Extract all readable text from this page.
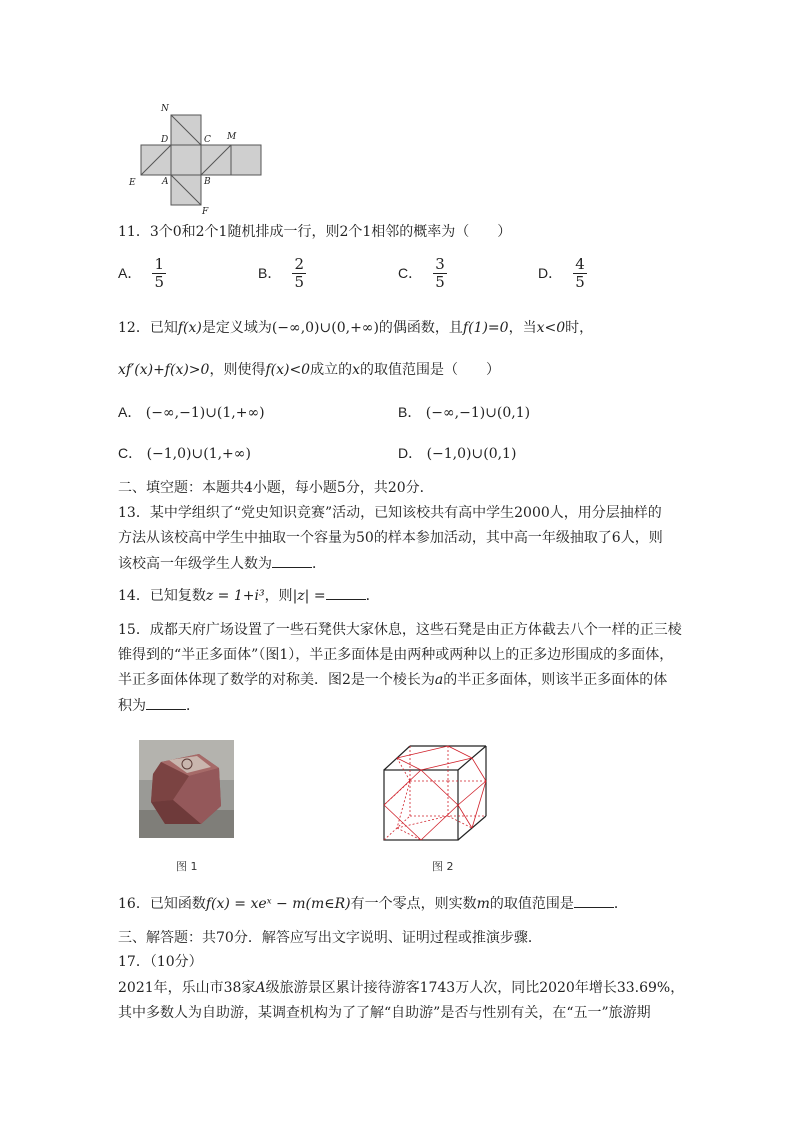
N
D	C M
E	A	B
F
11．3个0和2个1随机排成一行，则2个1相邻的概率为（　　）
A． $\frac{1}{5}$	B． $\frac{2}{5}$	C． $\frac{3}{5}$	D． $\frac{4}{5}$
12．已知f(x)是定义域为(−∞,0)∪(0,+∞)的偶函数，且f(1)=0，当x<0时，
xf′(x)+f(x)>0，则使得f(x)<0成立的x的取值范围是（　　）
A． (−∞,−1)∪(1,+∞)	B． (−∞,−1)∪(0,1)
C． (−1,0)∪(1,+∞)	D． (−1,0)∪(0,1)
二、填空题：本题共4小题，每小题5分，共20分．
13．某中学组织了“党史知识竞赛”活动，已知该校共有高中学生2000人，用分层抽样的
方法从该校高中学生中抽取一个容量为50的样本参加活动，其中高一年级抽取了6人，则
该校高一年级学生人数为	．
14．已知复数z = 1+i³，则|z| =	．
15．成都天府广场设置了一些石凳供大家休息，这些石凳是由正方体截去八个一样的正三棱
锥得到的“半正多面体”（图1），半正多面体是由两种或两种以上的正多边形围成的多面体，
半正多面体体现了数学的对称美．图2是一个棱长为a的半正多面体，则该半正多面体的体
积为	．
图 1	图 2
16．已知函数f(x) = xeˣ − m(m∈R)有一个零点，则实数m的取值范围是	．
三、解答题：共70分．解答应写出文字说明、证明过程或推演步骤．
17．（10分）
2021年，乐山市38家A级旅游景区累计接待游客1743万人次，同比2020年增长33.69%，
其中多数人为自助游，某调查机构为了了解“自助游”是否与性别有关，在“五一”旅游期
